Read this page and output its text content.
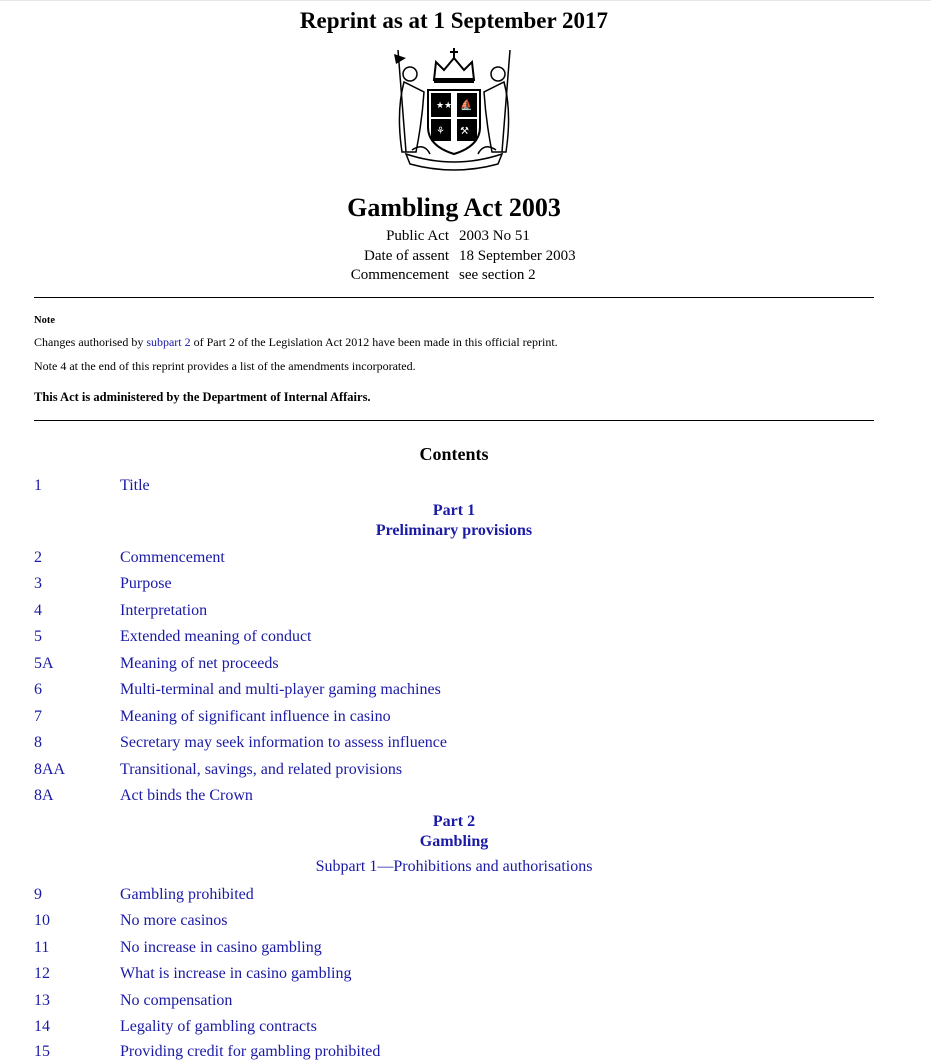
Reprint as at 1 September 2017
★★ ⛵
⚘ ⚒
Gambling Act 2003
Public Act 2003 No 51
Date of assent 18 September 2003
Commencement see section 2
Note
Changes authorised by subpart 2 of Part 2 of the Legislation Act 2012 have been made in this official reprint.
Note 4 at the end of this reprint provides a list of the amendments incorporated.
This Act is administered by the Department of Internal Affairs.
Contents
1	Title
Part 1
Preliminary provisions
2	Commencement
3	Purpose
4	Interpretation
5	Extended meaning of conduct
5A	Meaning of net proceeds
6	Multi-terminal and multi-player gaming machines
7	Meaning of significant influence in casino
8	Secretary may seek information to assess influence
8AA	Transitional, savings, and related provisions
8A	Act binds the Crown
Part 2
Gambling
Subpart 1—Prohibitions and authorisations
9	Gambling prohibited
10	No more casinos
11	No increase in casino gambling
12	What is increase in casino gambling
13	No compensation
14	Legality of gambling contracts
15	Providing credit for gambling prohibited
